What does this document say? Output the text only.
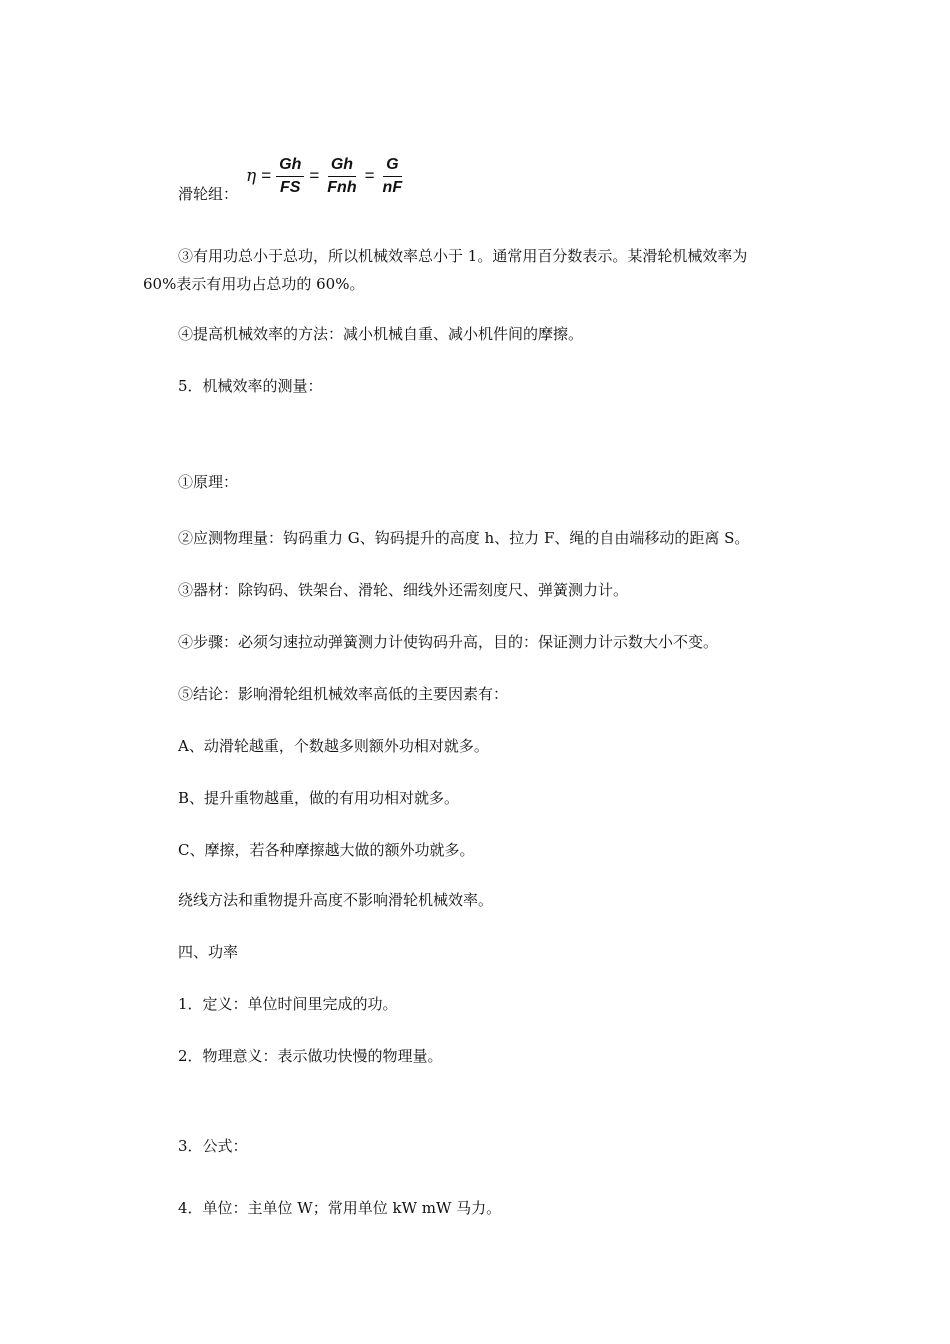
滑轮组：
$\eta = \frac{Gh}{FS} = \frac{Gh}{\text{Fnh}} = \frac{G}{nF}$
③有用功总小于总功，所以机械效率总小于 1。通常用百分数表示。某滑轮机械效率为
60%表示有用功占总功的 60%。
④提高机械效率的方法：减小机械自重、减小机件间的摩擦。
5．机械效率的测量：
①原理：
②应测物理量：钩码重力 G、钩码提升的高度 h、拉力 F、绳的自由端移动的距离 S。
③器材：除钩码、铁架台、滑轮、细线外还需刻度尺、弹簧测力计。
④步骤：必须匀速拉动弹簧测力计使钩码升高，目的：保证测力计示数大小不变。
⑤结论：影响滑轮组机械效率高低的主要因素有：
A、动滑轮越重，个数越多则额外功相对就多。
B、提升重物越重，做的有用功相对就多。
C、摩擦，若各种摩擦越大做的额外功就多。
绕线方法和重物提升高度不影响滑轮机械效率。
四、功率
1．定义：单位时间里完成的功。
2．物理意义：表示做功快慢的物理量。
3．公式：
4．单位：主单位 W；常用单位 kW mW 马力。
